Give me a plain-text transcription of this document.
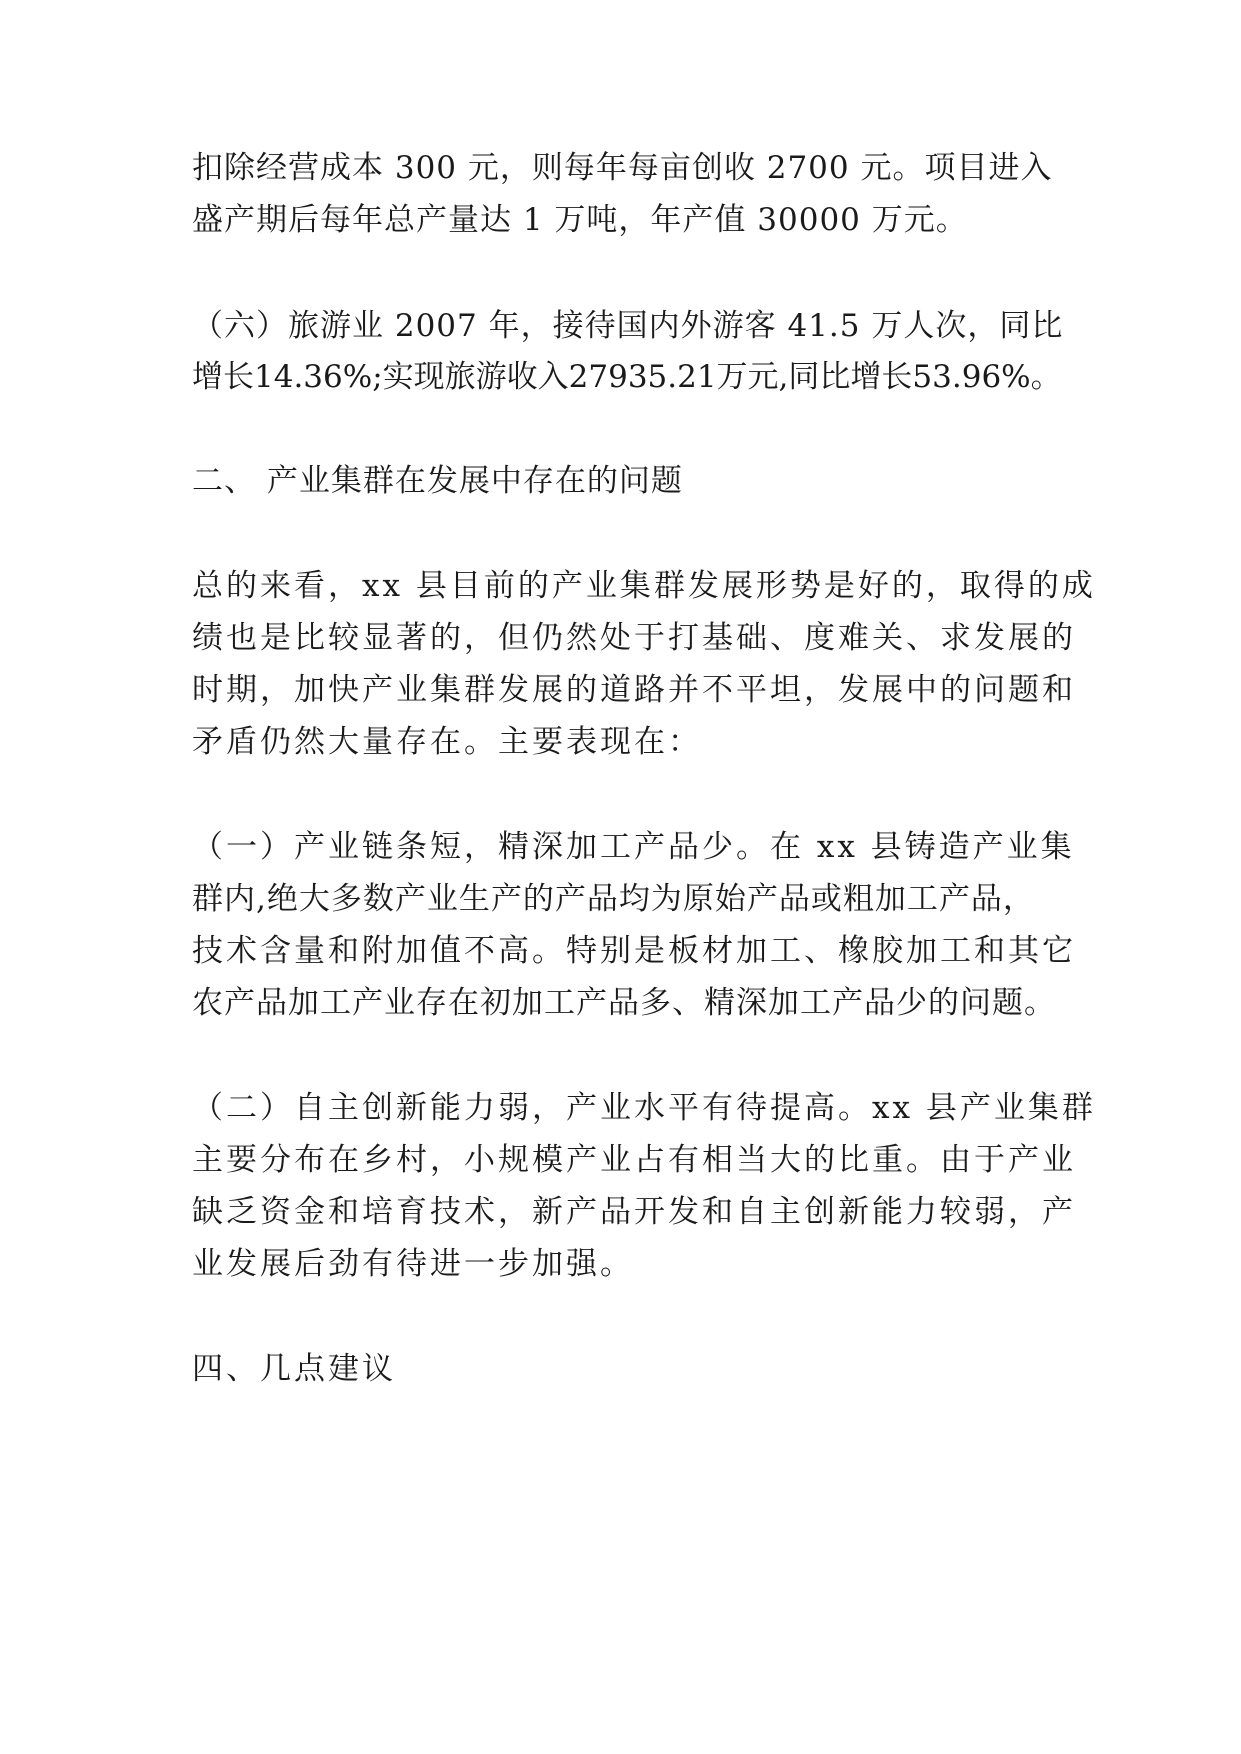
扣除经营成本 300 元，则每年每亩创收 2700 元。项目进入
盛产期后每年总产量达 1 万吨，年产值 30000 万元。
（六）旅游业 2007 年，接待国内外游客 41.5 万人次，同比
增长14.36%;实现旅游收入27935.21万元,同比增长53.96%。
二、 产业集群在发展中存在的问题
总的来看，xx 县目前的产业集群发展形势是好的，取得的成
绩也是比较显著的，但仍然处于打基础、度难关、求发展的
时期，加快产业集群发展的道路并不平坦，发展中的问题和
矛盾仍然大量存在。主要表现在：
（一）产业链条短，精深加工产品少。在 xx 县铸造产业集
群内,绝大多数产业生产的产品均为原始产品或粗加工产品，
技术含量和附加值不高。特别是板材加工、橡胶加工和其它
农产品加工产业存在初加工产品多、精深加工产品少的问题。
（二）自主创新能力弱，产业水平有待提高。xx 县产业集群
主要分布在乡村，小规模产业占有相当大的比重。由于产业
缺乏资金和培育技术，新产品开发和自主创新能力较弱，产
业发展后劲有待进一步加强。
四、几点建议
